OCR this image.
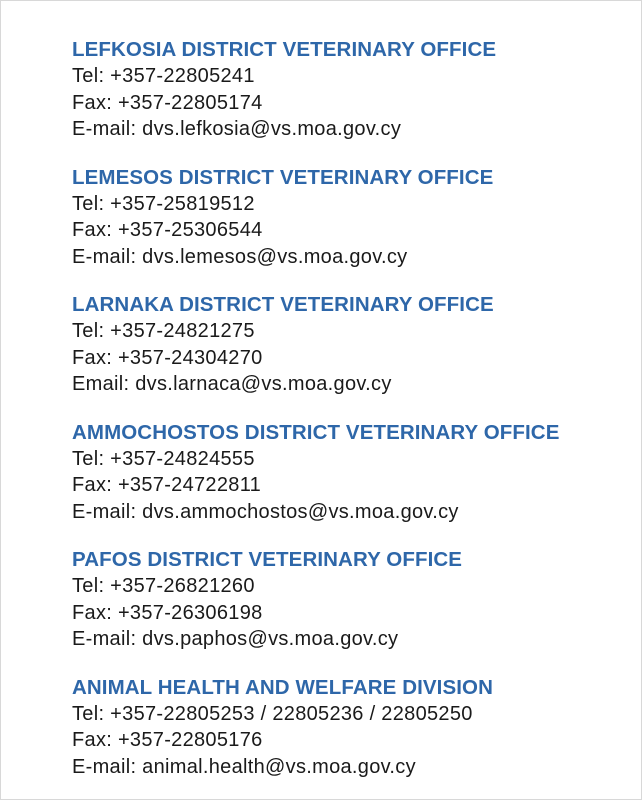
LEFKOSIA DISTRICT VETERINARY OFFICE
Tel: +357-22805241
Fax: +357-22805174
E-mail: dvs.lefkosia@vs.moa.gov.cy
LEMESOS DISTRICT VETERINARY OFFICE
Tel: +357-25819512
Fax: +357-25306544
E-mail: dvs.lemesos@vs.moa.gov.cy
LARNAKA DISTRICT VETERINARY OFFICE
Tel: +357-24821275
Fax: +357-24304270
Email: dvs.larnaca@vs.moa.gov.cy
AMMOCHOSTOS DISTRICT VETERINARY OFFICE
Tel: +357-24824555
Fax: +357-24722811
E-mail: dvs.ammochostos@vs.moa.gov.cy
PAFOS DISTRICT VETERINARY OFFICE
Tel: +357-26821260
Fax: +357-26306198
E-mail: dvs.paphos@vs.moa.gov.cy
ANIMAL HEALTH AND WELFARE DIVISION
Tel: +357-22805253 / 22805236 / 22805250
Fax: +357-22805176
E-mail: animal.health@vs.moa.gov.cy
